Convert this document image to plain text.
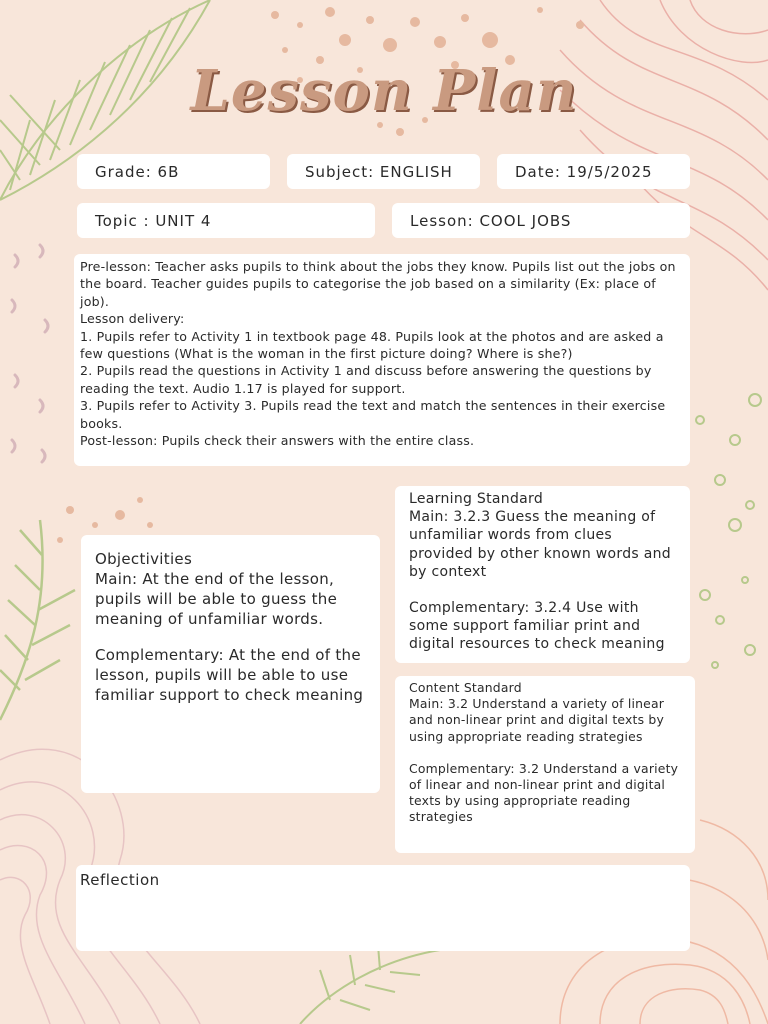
Lesson Plan
Grade: 6B	Subject: ENGLISH	Date: 19/5/2025
Topic : UNIT 4	Lesson: COOL JOBS

Pre-lesson: Teacher asks pupils to think about the jobs they know. Pupils list out the jobs on the board. Teacher guides pupils to categorise the job based on a similarity (Ex: place of job).

Lesson delivery:

1. Pupils refer to Activity 1 in textbook page 48. Pupils look at the photos and are asked a few questions (What is the woman in the first picture doing? Where is she?)

2. Pupils read the questions in Activity 1 and discuss before answering the questions by reading the text. Audio 1.17 is played for support.

3. Pupils refer to Activity 3. Pupils read the text and match the sentences in their exercise books.

Post-lesson: Pupils check their answers with the entire class.

Objectivities

Main: At the end of the lesson, pupils will be able to guess the meaning of unfamiliar words.

Complementary: At the end of the lesson, pupils will be able to use familiar support to check meaning

Learning Standard

Main: 3.2.3 Guess the meaning of unfamiliar words from clues provided by other known words and by context

Complementary: 3.2.4 Use with some support familiar print and digital resources to check meaning

Content Standard

Main: 3.2 Understand a variety of linear and non-linear print and digital texts by using appropriate reading strategies

Complementary: 3.2 Understand a variety of linear and non-linear print and digital texts by using appropriate reading strategies

Reflection
